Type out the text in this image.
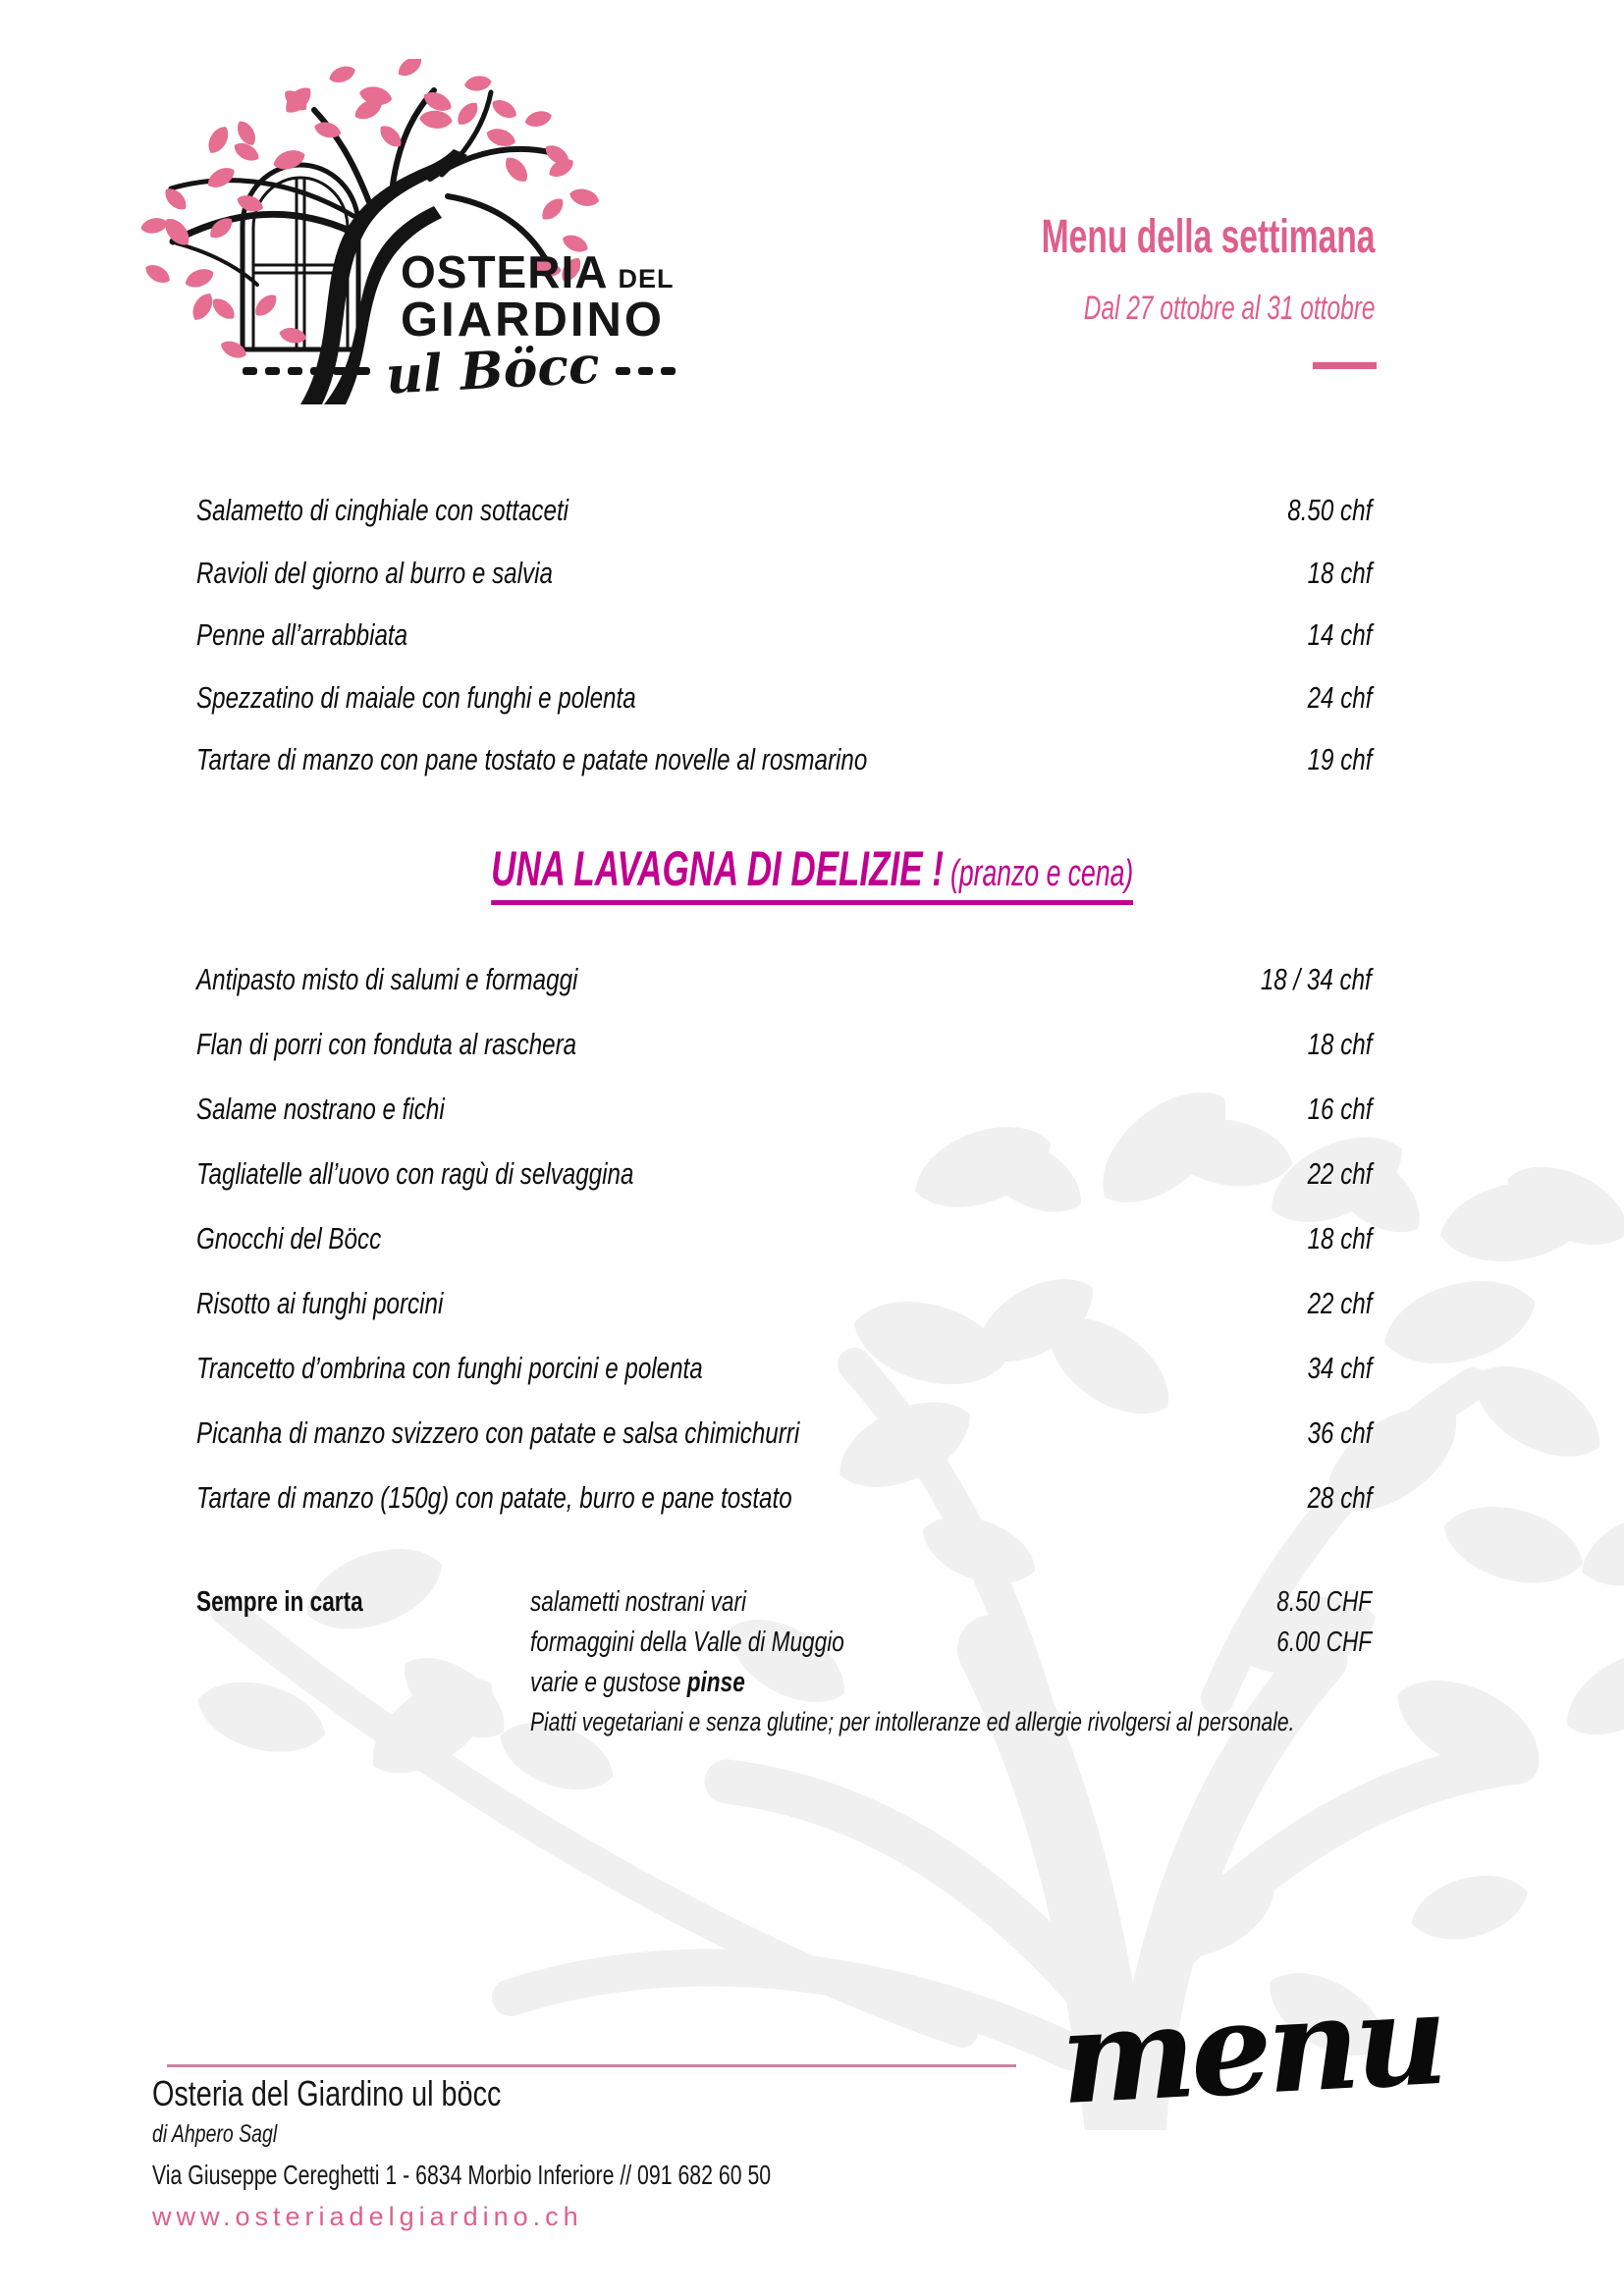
OSTERIA DEL
GIARDINO
ul Böcc
Menu della settimana
Dal 27 ottobre al 31 ottobre
Salametto di cinghiale con sottaceti	8.50 chf
Ravioli del giorno al burro e salvia	18 chf
Penne all’arrabbiata	14 chf
Spezzatino di maiale con funghi e polenta	24 chf
Tartare di manzo con pane tostato e patate novelle al rosmarino	19 chf
UNA LAVAGNA DI DELIZIE ! (pranzo e cena)
Antipasto misto di salumi e formaggi	18 / 34 chf
Flan di porri con fonduta al raschera	18 chf
Salame nostrano e fichi	16 chf
Tagliatelle all’uovo con ragù di selvaggina	22 chf
Gnocchi del Böcc	18 chf
Risotto ai funghi porcini	22 chf
Trancetto d’ombrina con funghi porcini e polenta	34 chf
Picanha di manzo svizzero con patate e salsa chimichurri	36 chf
Tartare di manzo (150g) con patate, burro e pane tostato	28 chf
Sempre in carta	salametti nostrani vari	8.50 CHF
formaggini della Valle di Muggio	6.00 CHF
varie e gustose pinse
Piatti vegetariani e senza glutine; per intolleranze ed allergie rivolgersi al personale.
Osteria del Giardino ul böcc
di Ahpero Sagl
Via Giuseppe Cereghetti 1 - 6834 Morbio Inferiore // 091 682 60 50
www.osteriadelgiardino.ch
menu
